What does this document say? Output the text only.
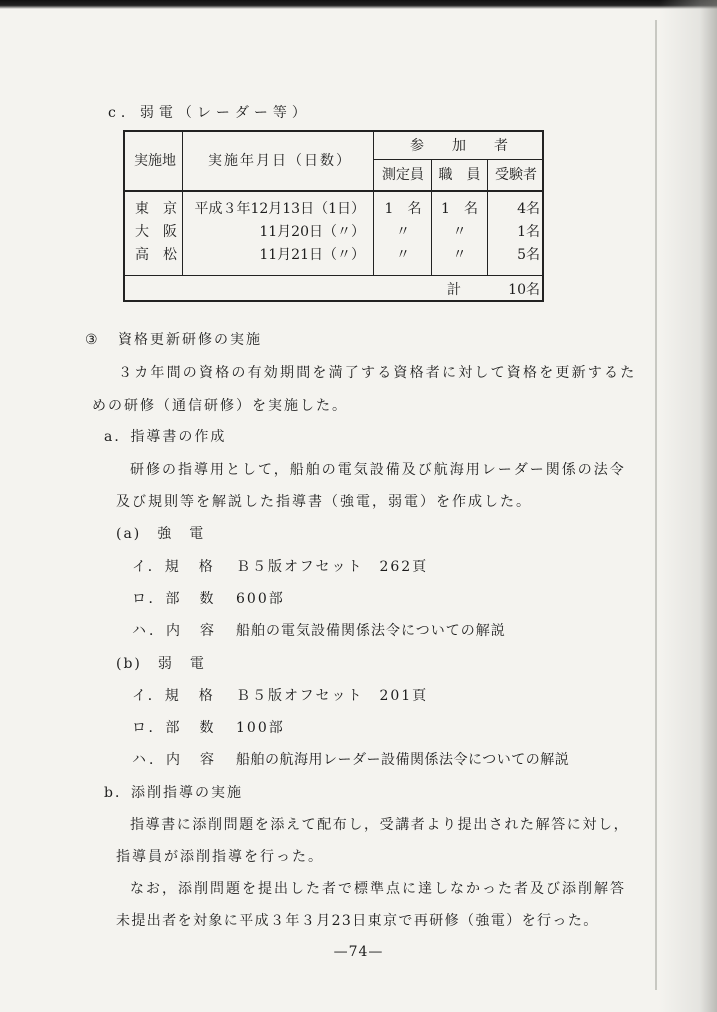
c．弱電（レーダー等）
実施地	実施年月日（日数）
参　　加　　者
測定員	職　員	受験者
東　京	平成３年12月13日（1日）	1　名	1　名	4名
大　阪	11月20日（〃）	〃	〃	1名
高　松	11月21日（〃）	〃	〃	5名
計	10名
③ 資格更新研修の実施
３カ年間の資格の有効期間を満了する資格者に対して資格を更新するた
めの研修（通信研修）を実施した。
a．指導書の作成
研修の指導用として，船舶の電気設備及び航海用レーダー関係の法令
及び規則等を解説した指導書（強電，弱電）を作成した。
(a)　強　電
イ．規　格 Ｂ５版オフセット　262頁
ロ．部　数 600部
ハ．内　容 船舶の電気設備関係法令についての解説
(b)　弱　電
イ．規　格 Ｂ５版オフセット　201頁
ロ．部　数 100部
ハ．内　容 船舶の航海用レーダー設備関係法令についての解説
b．添削指導の実施
指導書に添削問題を添えて配布し，受講者より提出された解答に対し，
指導員が添削指導を行った。
なお，添削問題を提出した者で標準点に達しなかった者及び添削解答
未提出者を対象に平成３年３月23日東京で再研修（強電）を行った。
—74—
